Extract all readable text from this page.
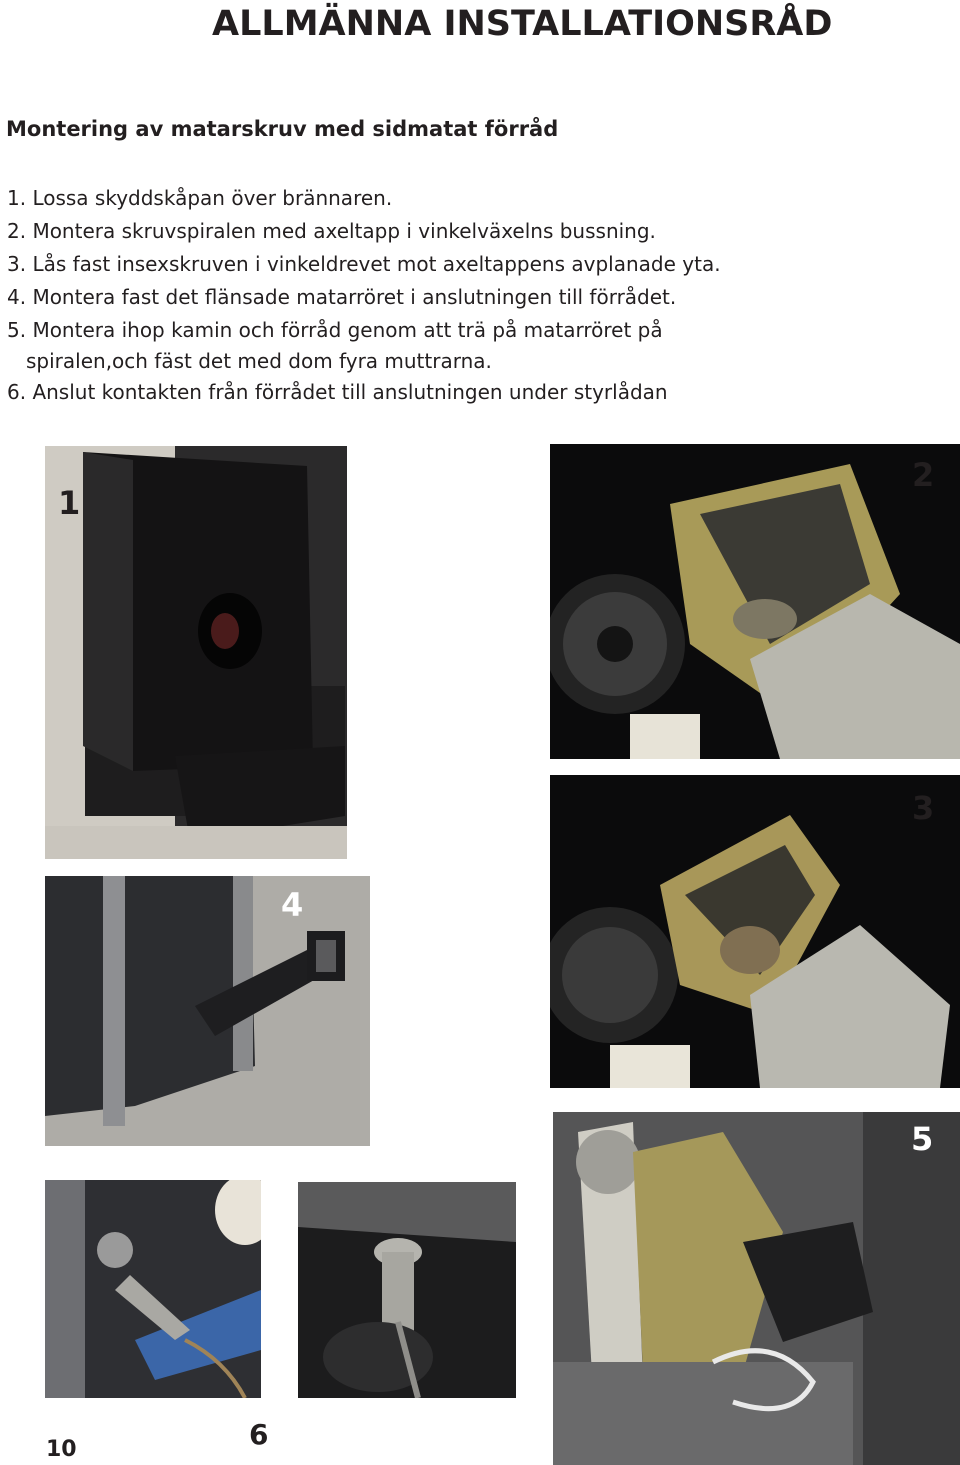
ALLMÄNNA INSTALLATIONSRÅD
Montering av matarskruv med sidmatat förråd
1. Lossa skyddskåpan över brännaren.
2. Montera skruvspiralen med axeltapp i vinkelväxelns bussning.
3. Lås fast insexskruven i vinkeldrevet mot axeltappens avplanade yta.
4. Montera fast det flänsade matarröret i anslutningen till förrådet.
5. Montera ihop kamin och förråd genom att trä på matarröret på
spiralen,och fäst det med dom fyra muttrarna.
6. Anslut kontakten från förrådet till anslutningen under styrlådan
1
2
3
4
5
6
10
